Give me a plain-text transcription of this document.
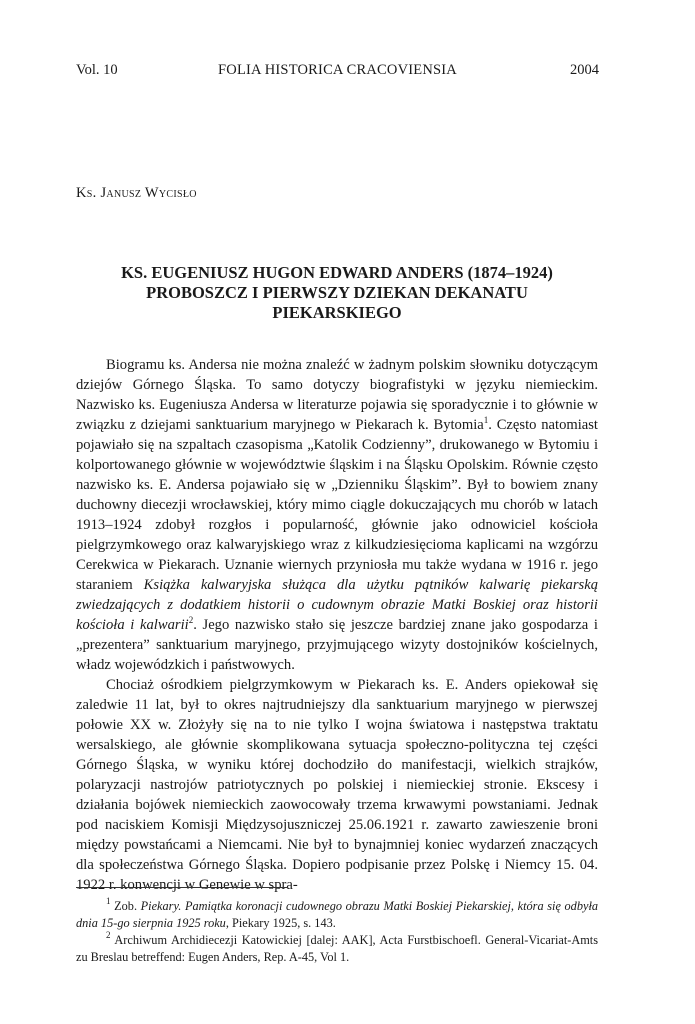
Vol. 10	FOLIA HISTORICA CRACOVIENSIA	2004
Ks. Janusz Wycisło
KS. EUGENIUSZ HUGON EDWARD ANDERS (1874–1924)
PROBOSZCZ I PIERWSZY DZIEKAN DEKANATU
PIEKARSKIEGO

Biogramu ks. Andersa nie można znaleźć w żadnym polskim słowniku dotyczącym dziejów Górnego Śląska. To samo dotyczy biografistyki w języku niemieckim. Nazwisko ks. Eugeniusza Andersa w literaturze pojawia się sporadycznie i to głównie w związku z dziejami sanktuarium maryjnego w Piekarach k. Bytomia$^1$. Często natomiast pojawiało się na szpaltach czasopisma „Katolik Codzienny”, drukowanego w Bytomiu i kolportowanego głównie w województwie śląskim i na Śląsku Opolskim. Równie często nazwisko ks. E. Andersa pojawiało się w „Dzienniku Śląskim”. Był to bowiem znany duchowny diecezji wrocławskiej, który mimo ciągle dokuczających mu chorób w latach 1913–1924 zdobył rozgłos i popularność, głównie jako odnowiciel kościoła pielgrzymkowego oraz kalwaryjskiego wraz z kilkudziesięcioma kaplicami na wzgórzu Cerekwica w Piekarach. Uznanie wiernych przyniosła mu także wydana w 1916 r. jego staraniem Książka kalwaryjska służąca dla użytku pątników kalwarię piekarską zwiedzających z dodatkiem historii o cudownym obrazie Matki Boskiej oraz historii kościoła i kalwarii$^2$. Jego nazwisko stało się jeszcze bardziej znane jako gospodarza i „prezentera” sanktuarium maryjnego, przyjmującego wizyty dostojników kościelnych, władz wojewódzkich i państwowych.

Chociaż ośrodkiem pielgrzymkowym w Piekarach ks. E. Anders opiekował się zaledwie 11 lat, był to okres najtrudniejszy dla sanktuarium maryjnego w pierwszej połowie XX w. Złożyły się na to nie tylko I wojna światowa i następstwa traktatu wersalskiego, ale głównie skomplikowana sytuacja społeczno-polityczna tej części Górnego Śląska, w wyniku której dochodziło do manifestacji, wielkich strajków, polaryzacji nastrojów patriotycznych po polskiej i niemieckiej stronie. Ekscesy i działania bojówek niemieckich zaowocowały trzema krwawymi powstaniami. Jednak pod naciskiem Komisji Międzysojuszniczej 25.06.1921 r. zawarto zawieszenie broni między powstańcami a Niemcami. Nie był to bynajmniej koniec wydarzeń znaczących dla społeczeństwa Górnego Śląska. Dopiero podpisanie przez Polskę i Niemcy 15. 04. 1922 r. konwencji w Genewie w spra-

$^1$ Zob. Piekary. Pamiątka koronacji cudownego obrazu Matki Boskiej Piekarskiej, która się odbyła dnia 15-go sierpnia 1925 roku, Piekary 1925, s. 143.

$^2$ Archiwum Archidiecezji Katowickiej [dalej: AAK], Acta Furstbischoefl. General-Vicariat-Amts zu Breslau betreffend: Eugen Anders, Rep. A-45, Vol 1.
